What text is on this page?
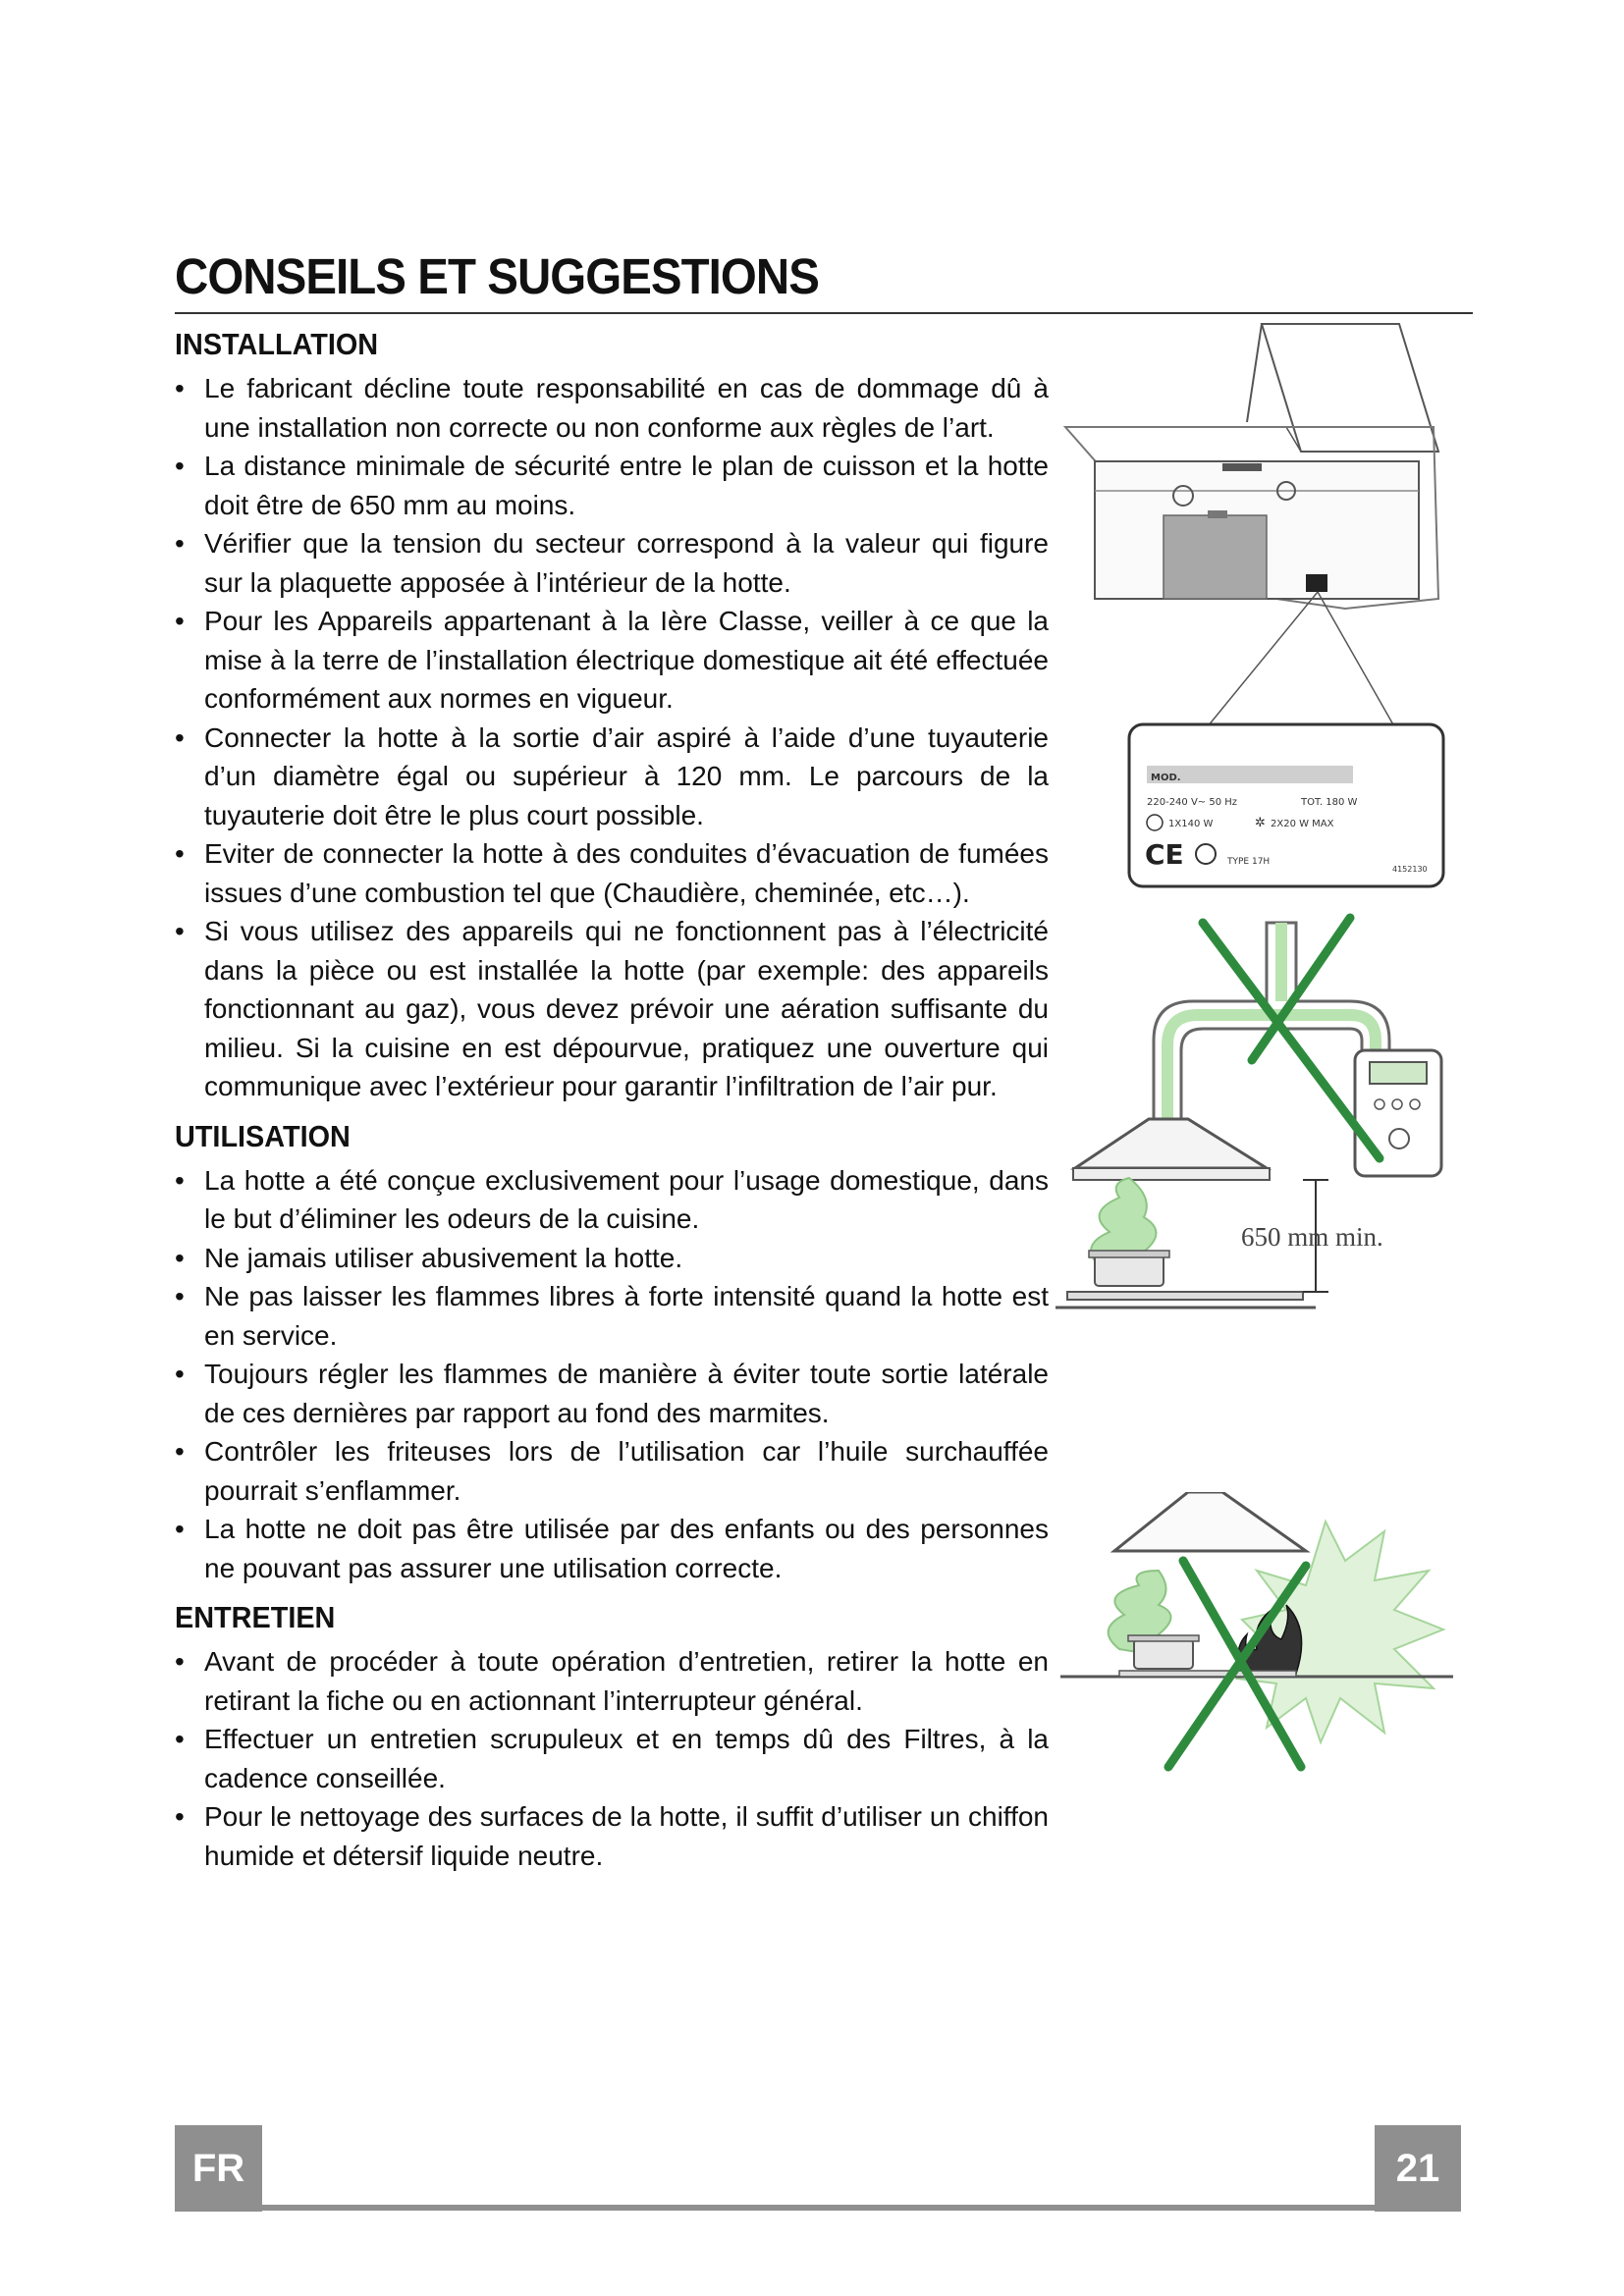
CONSEILS ET SUGGESTIONS
INSTALLATION
• Le fabricant décline toute responsabilité en cas de dommage dû à une installation non correcte ou non conforme aux règles de l’art.
• La distance minimale de sécurité entre le plan de cuisson et la hotte doit être de 650 mm au moins.
• Vérifier que la tension du secteur correspond à la valeur qui figure sur la plaquette apposée à l’intérieur de la hotte.
• Pour les Appareils appartenant à la Ière Classe, veiller à ce que la mise à la terre de l’installation électrique domestique ait été effectuée conformément aux normes en vigueur.
• Connecter la hotte à la sortie d’air aspiré à l’aide d’une tuyauterie d’un diamètre égal ou supérieur à 120 mm. Le parcours de la tuyauterie doit être le plus court possible.
• Eviter de connecter la hotte à des conduites d’évacuation de fumées issues d’une combustion tel que (Chaudière, cheminée, etc…).
• Si vous utilisez des appareils qui ne fonctionnent pas à l’électricité dans la pièce ou est installée la hotte (par exemple: des appareils fonctionnant au gaz), vous devez prévoir une aération suffisante du milieu. Si la cuisine en est dépourvue, pratiquez une ouverture qui communique avec l’extérieur pour garantir l’infiltration de l’air pur.
UTILISATION
• La hotte a été conçue exclusivement pour l’usage domestique, dans le but d’éliminer les odeurs de la cuisine.
• Ne jamais utiliser abusivement la hotte.
• Ne pas laisser les flammes libres à forte intensité quand la hotte est en service.
• Toujours régler les flammes de manière à éviter toute sortie latérale de ces dernières par rapport au fond des marmites.
• Contrôler les friteuses lors de l’utilisation car l’huile surchauffée pourrait s’enflammer.
• La hotte ne doit pas être utilisée par des enfants ou des personnes ne pouvant pas assurer une utilisation correcte.
ENTRETIEN
• Avant de procéder à toute opération d’entretien, retirer la hotte en retirant la fiche ou en actionnant l’interrupteur général.
• Effectuer un entretien scrupuleux et en temps dû des Filtres, à la cadence conseillée.
• Pour le nettoyage des surfaces de la hotte, il suffit d’utiliser un chiffon humide et détersif liquide neutre.
MOD.
220-240 V~ 50 Hz	TOT. 180 W
1X140 W	✲ 2X20 W MAX
CE	TYPE 17H
4152130
650 mm min.
FR	21
